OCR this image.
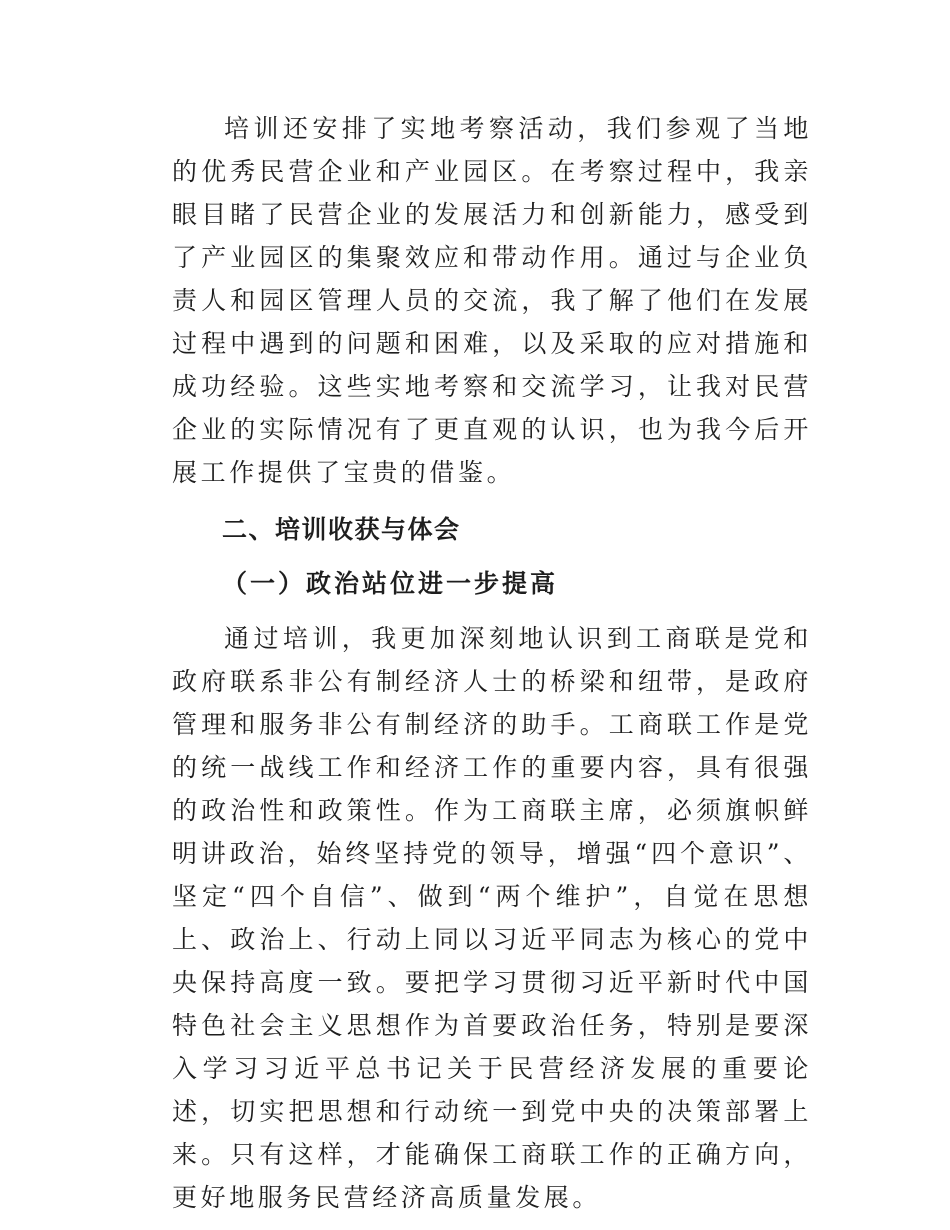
培训还安排了实地考察活动，我们参观了当地的优秀民营企业和产业园区。在考察过程中，我亲眼目睹了民营企业的发展活力和创新能力，感受到了产业园区的集聚效应和带动作用。通过与企业负责人和园区管理人员的交流，我了解了他们在发展过程中遇到的问题和困难，以及采取的应对措施和成功经验。这些实地考察和交流学习，让我对民营企业的实际情况有了更直观的认识，也为我今后开展工作提供了宝贵的借鉴。

二、培训收获与体会
（一）政治站位进一步提高

通过培训，我更加深刻地认识到工商联是党和政府联系非公有制经济人士的桥梁和纽带，是政府管理和服务非公有制经济的助手。工商联工作是党的统一战线工作和经济工作的重要内容，具有很强的政治性和政策性。作为工商联主席，必须旗帜鲜明讲政治，始终坚持党的领导，增强“四个意识”、坚定“四个自信”、做到“两个维护”，自觉在思想上、政治上、行动上同以习近平同志为核心的党中央保持高度一致。要把学习贯彻习近平新时代中国特色社会主义思想作为首要政治任务，特别是要深入学习习近平总书记关于民营经济发展的重要论述，切实把思想和行动统一到党中央的决策部署上来。只有这样，才能确保工商联工作的正确方向，更好地服务民营经济高质量发展。
